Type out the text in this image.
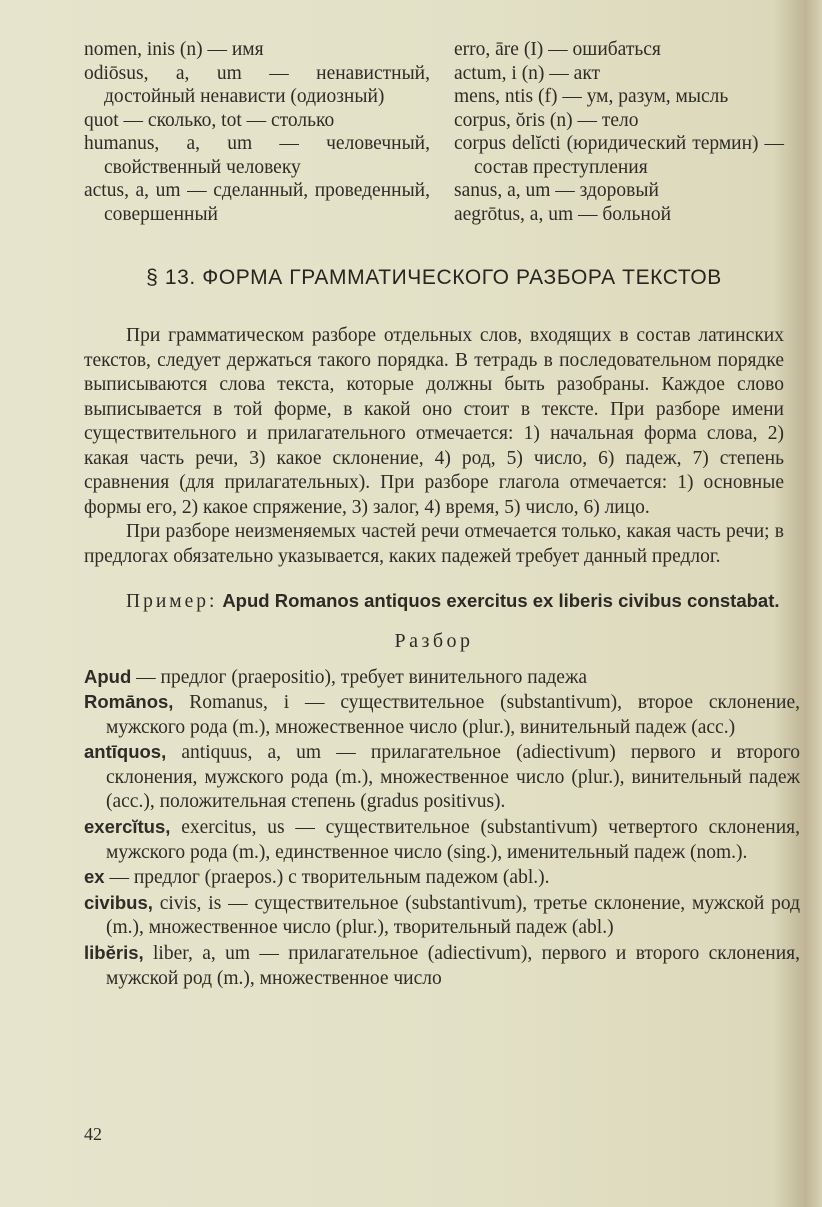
nomen, inis (n) — имя
odiōsus, a, um — ненавистный, достойный ненависти (одиозный)
quot — сколько, tot — столько
humanus, a, um — человечный, свойственный человеку
actus, a, um — сделанный, проведенный, совершенный
erro, āre (I) — ошибаться
actum, i (n) — акт
mens, ntis (f) — ум, разум, мысль
corpus, ŏris (n) — тело
corpus delĭcti (юридический термин) — состав преступления
sanus, a, um — здоровый
aegrōtus, a, um — больной
§ 13. ФОРМА ГРАММАТИЧЕСКОГО РАЗБОРА ТЕКСТОВ

При грамматическом разборе отдельных слов, входящих в состав латинских текстов, следует держаться такого порядка. В тетрадь в последовательном порядке выписываются слова текста, которые должны быть разобраны. Каждое слово выписывается в той форме, в какой оно стоит в тексте. При разборе имени существительного и прилагательного отмечается: 1) начальная форма слова, 2) какая часть речи, 3) какое склонение, 4) род, 5) число, 6) падеж, 7) степень сравнения (для прилагательных). При разборе глагола отмечается: 1) основные формы его, 2) какое спряжение, 3) залог, 4) время, 5) число, 6) лицо.

При разборе неизменяемых частей речи отмечается только, какая часть речи; в предлогах обязательно указывается, каких падежей требует данный предлог.

Пример: Apud Romanos antiquos exercitus ex liberis civibus constabat.
Разбор
Apud — предлог (praepositio), требует винительного падежа
Romānos, Romanus, i — существительное (substantivum), второе склонение, мужского рода (m.), множественное число (plur.), винительный падеж (acc.)
antīquos, antiquus, a, um — прилагательное (adiectivum) первого и второго склонения, мужского рода (m.), множественное число (plur.), винительный падеж (acc.), положительная степень (gradus positivus).
exercĭtus, exercitus, us — существительное (substantivum) четвертого склонения, мужского рода (m.), единственное число (sing.), именительный падеж (nom.).
ex — предлог (praepos.) с творительным падежом (abl.).
civibus, civis, is — существительное (substantivum), третье склонение, мужской род (m.), множественное число (plur.), творительный падеж (abl.)
libĕris, liber, a, um — прилагательное (adiectivum), первого и второго склонения, мужской род (m.), множественное число
42
